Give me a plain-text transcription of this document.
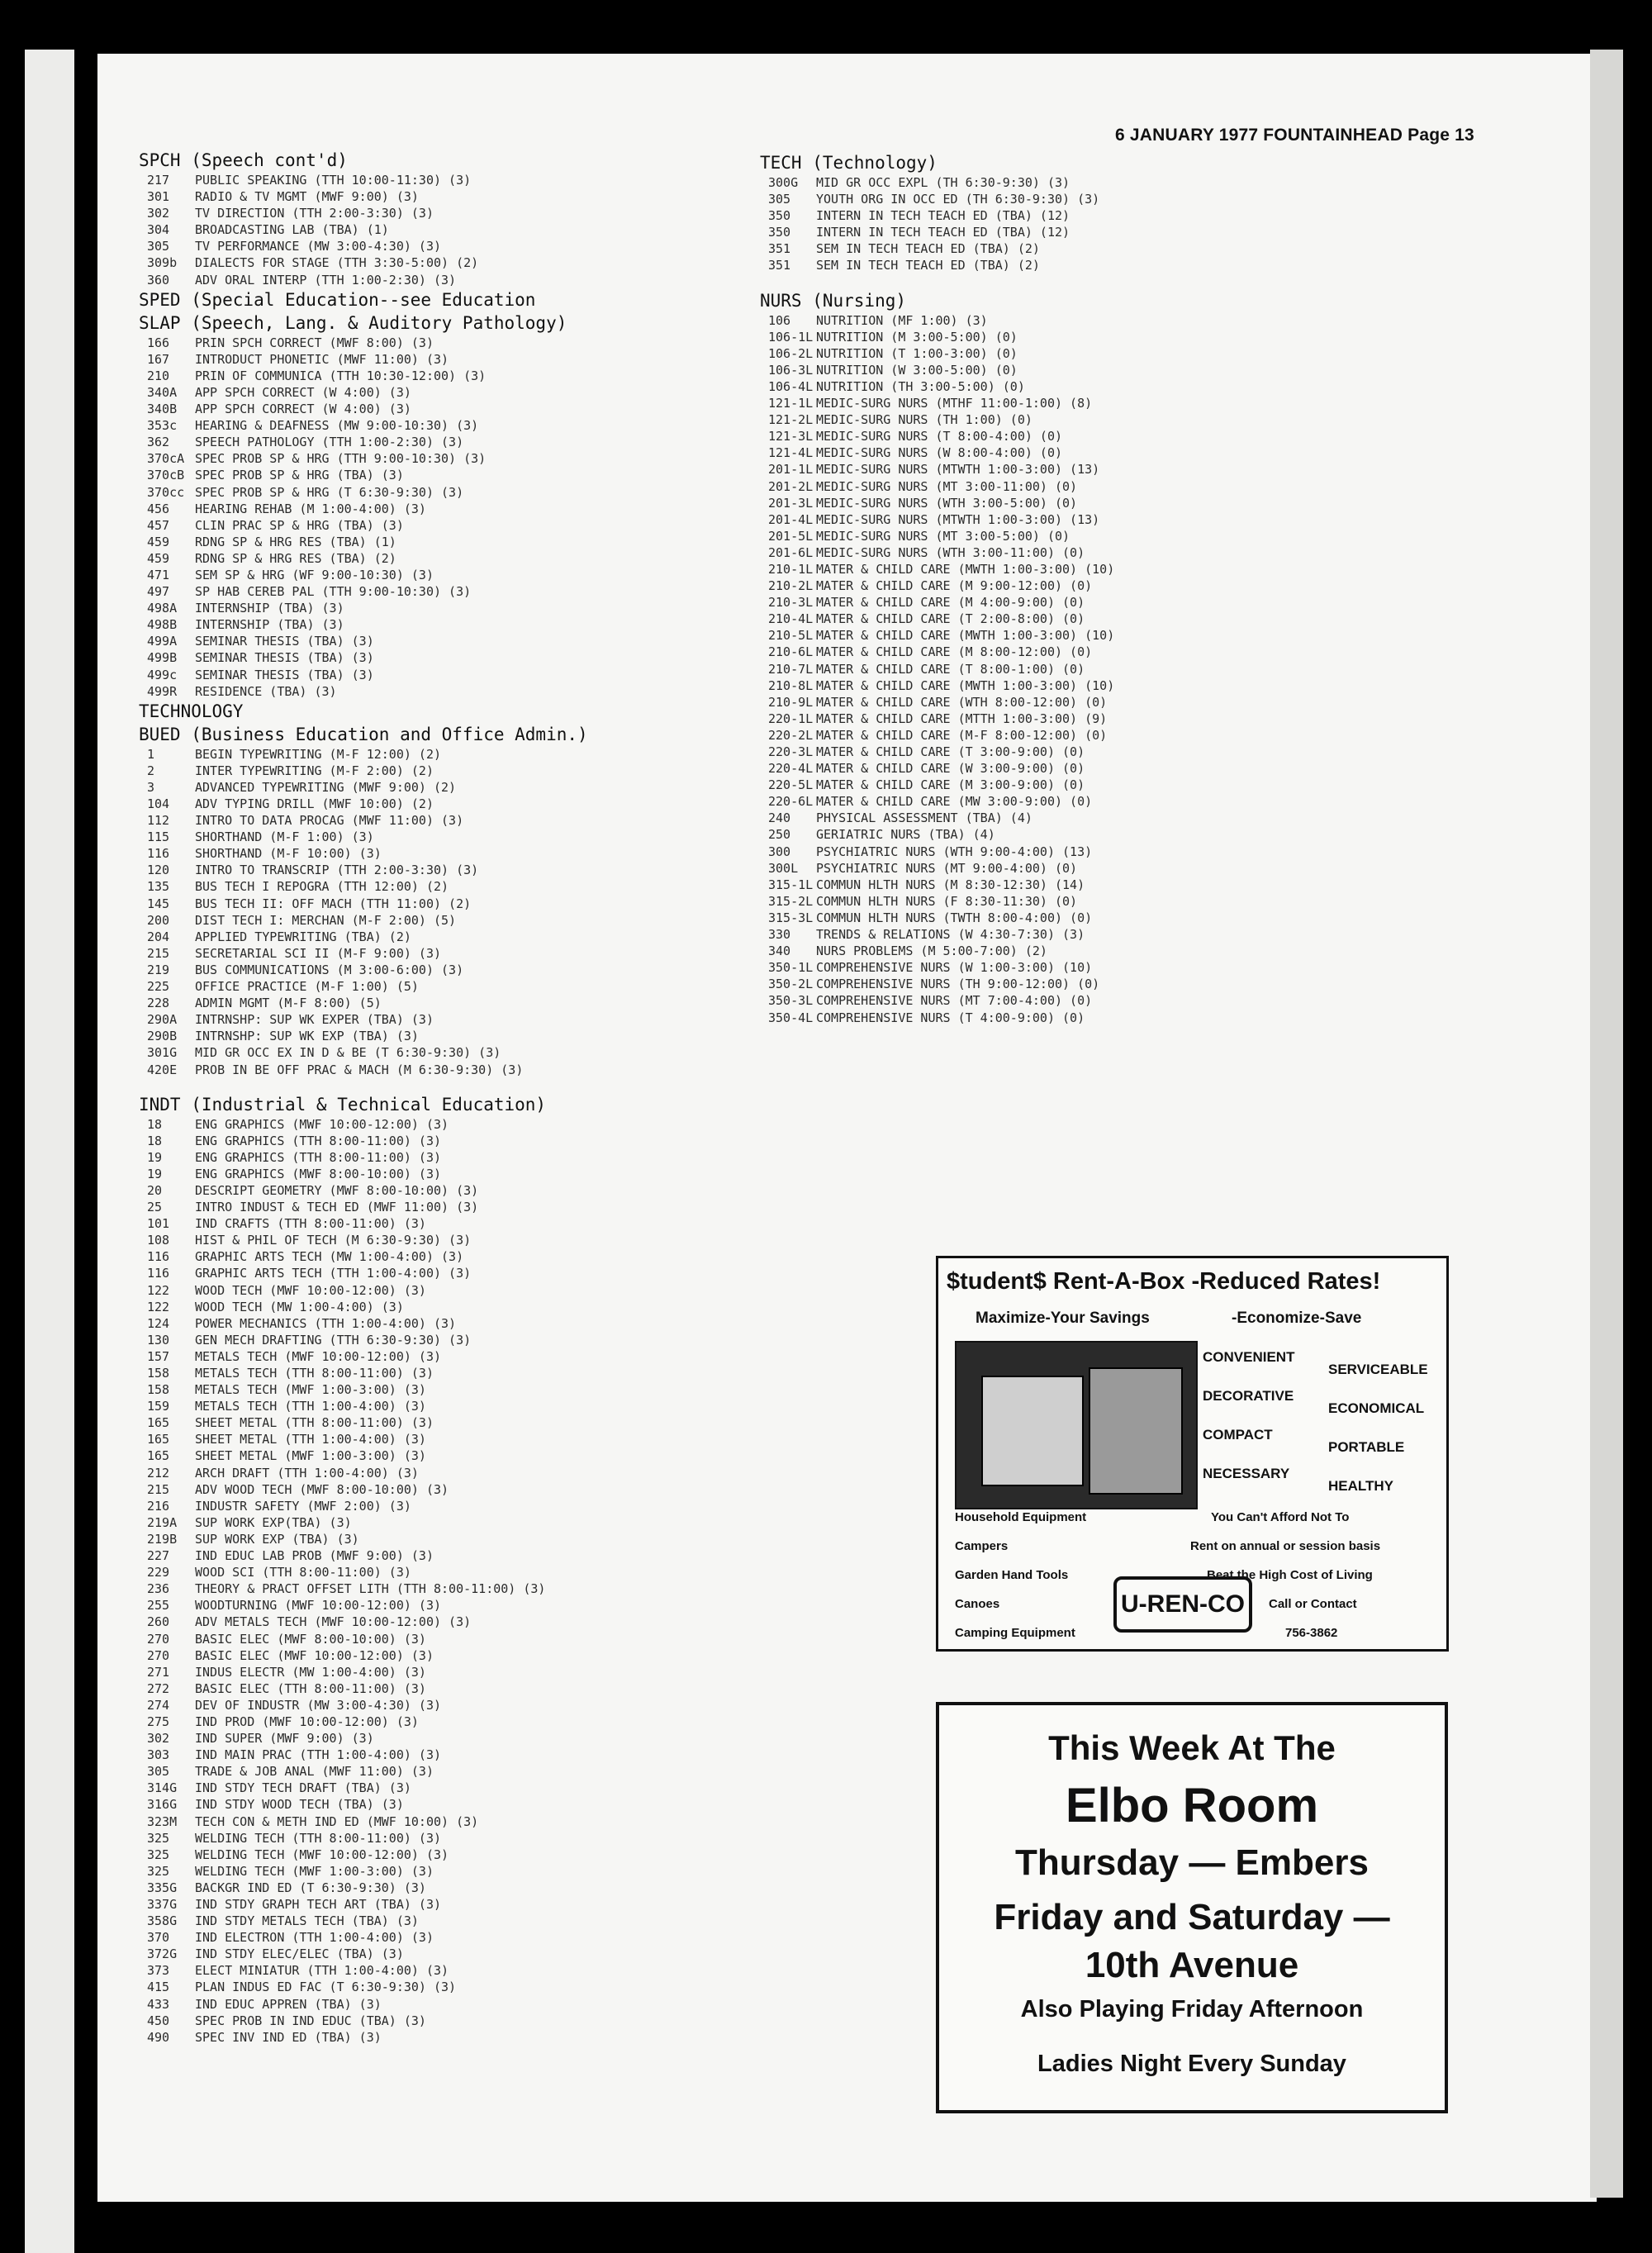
6 JANUARY 1977 FOUNTAINHEAD Page 13
SPCH (Speech cont'd)
217 PUBLIC SPEAKING (TTH 10:00-11:30) (3)
301 RADIO & TV MGMT (MWF 9:00) (3)
302 TV DIRECTION (TTH 2:00-3:30) (3)
304 BROADCASTING LAB (TBA) (1)
305 TV PERFORMANCE (MW 3:00-4:30) (3)
309b DIALECTS FOR STAGE (TTH 3:30-5:00) (2)
360 ADV ORAL INTERP (TTH 1:00-2:30) (3)
SPED (Special Education--see Education
SLAP (Speech, Lang. & Auditory Pathology)
166 PRIN SPCH CORRECT (MWF 8:00) (3)
167 INTRODUCT PHONETIC (MWF 11:00) (3)
210 PRIN OF COMMUNICA (TTH 10:30-12:00) (3)
340A APP SPCH CORRECT (W 4:00) (3)
340B APP SPCH CORRECT (W 4:00) (3)
353c HEARING & DEAFNESS (MW 9:00-10:30) (3)
362 SPEECH PATHOLOGY (TTH 1:00-2:30) (3)
370cA SPEC PROB SP & HRG (TTH 9:00-10:30) (3)
370cB SPEC PROB SP & HRG (TBA) (3)
370cc SPEC PROB SP & HRG (T 6:30-9:30) (3)
456 HEARING REHAB (M 1:00-4:00) (3)
457 CLIN PRAC SP & HRG (TBA) (3)
459 RDNG SP & HRG RES (TBA) (1)
459 RDNG SP & HRG RES (TBA) (2)
471 SEM SP & HRG (WF 9:00-10:30) (3)
497 SP HAB CEREB PAL (TTH 9:00-10:30) (3)
498A INTERNSHIP (TBA) (3)
498B INTERNSHIP (TBA) (3)
499A SEMINAR THESIS (TBA) (3)
499B SEMINAR THESIS (TBA) (3)
499c SEMINAR THESIS (TBA) (3)
499R RESIDENCE (TBA) (3)
TECHNOLOGY
BUED (Business Education and Office Admin.)
1	BEGIN TYPEWRITING (M-F 12:00) (2)
2	INTER TYPEWRITING (M-F 2:00) (2)
3	ADVANCED TYPEWRITING (MWF 9:00) (2)
104 ADV TYPING DRILL (MWF 10:00) (2)
112 INTRO TO DATA PROCAG (MWF 11:00) (3)
115 SHORTHAND (M-F 1:00) (3)
116 SHORTHAND (M-F 10:00) (3)
120 INTRO TO TRANSCRIP (TTH 2:00-3:30) (3)
135 BUS TECH I REPOGRA (TTH 12:00) (2)
145 BUS TECH II: OFF MACH (TTH 11:00) (2)
200 DIST TECH I: MERCHAN (M-F 2:00) (5)
204 APPLIED TYPEWRITING (TBA) (2)
215 SECRETARIAL SCI II (M-F 9:00) (3)
219 BUS COMMUNICATIONS (M 3:00-6:00) (3)
225 OFFICE PRACTICE (M-F 1:00) (5)
228 ADMIN MGMT (M-F 8:00) (5)
290A INTRNSHP: SUP WK EXPER (TBA) (3)
290B INTRNSHP: SUP WK EXP (TBA) (3)
301G MID GR OCC EX IN D & BE (T 6:30-9:30) (3)
420E PROB IN BE OFF PRAC & MACH (M 6:30-9:30) (3)
INDT (Industrial & Technical Education)
18	ENG GRAPHICS (MWF 10:00-12:00) (3)
18	ENG GRAPHICS (TTH 8:00-11:00) (3)
19	ENG GRAPHICS (TTH 8:00-11:00) (3)
19	ENG GRAPHICS (MWF 8:00-10:00) (3)
20	DESCRIPT GEOMETRY (MWF 8:00-10:00) (3)
25	INTRO INDUST & TECH ED (MWF 11:00) (3)
101 IND CRAFTS (TTH 8:00-11:00) (3)
108 HIST & PHIL OF TECH (M 6:30-9:30) (3)
116 GRAPHIC ARTS TECH (MW 1:00-4:00) (3)
116 GRAPHIC ARTS TECH (TTH 1:00-4:00) (3)
122 WOOD TECH (MWF 10:00-12:00) (3)
122 WOOD TECH (MW 1:00-4:00) (3)
124 POWER MECHANICS (TTH 1:00-4:00) (3)
130 GEN MECH DRAFTING (TTH 6:30-9:30) (3)
157 METALS TECH (MWF 10:00-12:00) (3)
158 METALS TECH (TTH 8:00-11:00) (3)
158 METALS TECH (MWF 1:00-3:00) (3)
159 METALS TECH (TTH 1:00-4:00) (3)
165 SHEET METAL (TTH 8:00-11:00) (3)
165 SHEET METAL (TTH 1:00-4:00) (3)
165 SHEET METAL (MWF 1:00-3:00) (3)
212 ARCH DRAFT (TTH 1:00-4:00) (3)
215 ADV WOOD TECH (MWF 8:00-10:00) (3)
216 INDUSTR SAFETY (MWF 2:00) (3)
219A SUP WORK EXP(TBA) (3)
219B SUP WORK EXP (TBA) (3)
227 IND EDUC LAB PROB (MWF 9:00) (3)
229 WOOD SCI (TTH 8:00-11:00) (3)
236 THEORY & PRACT OFFSET LITH (TTH 8:00-11:00) (3)
255 WOODTURNING (MWF 10:00-12:00) (3)
260 ADV METALS TECH (MWF 10:00-12:00) (3)
270 BASIC ELEC (MWF 8:00-10:00) (3)
270 BASIC ELEC (MWF 10:00-12:00) (3)
271 INDUS ELECTR (MW 1:00-4:00) (3)
272 BASIC ELEC (TTH 8:00-11:00) (3)
274 DEV OF INDUSTR (MW 3:00-4:30) (3)
275 IND PROD (MWF 10:00-12:00) (3)
302 IND SUPER (MWF 9:00) (3)
303 IND MAIN PRAC (TTH 1:00-4:00) (3)
305 TRADE & JOB ANAL (MWF 11:00) (3)
314G IND STDY TECH DRAFT (TBA) (3)
316G IND STDY WOOD TECH (TBA) (3)
323M TECH CON & METH IND ED (MWF 10:00) (3)
325 WELDING TECH (TTH 8:00-11:00) (3)
325 WELDING TECH (MWF 10:00-12:00) (3)
325 WELDING TECH (MWF 1:00-3:00) (3)
335G BACKGR IND ED (T 6:30-9:30) (3)
337G IND STDY GRAPH TECH ART (TBA) (3)
358G IND STDY METALS TECH (TBA) (3)
370 IND ELECTRON (TTH 1:00-4:00) (3)
372G IND STDY ELEC/ELEC (TBA) (3)
373 ELECT MINIATUR (TTH 1:00-4:00) (3)
415 PLAN INDUS ED FAC (T 6:30-9:30) (3)
433 IND EDUC APPREN (TBA) (3)
450 SPEC PROB IN IND EDUC (TBA) (3)
490 SPEC INV IND ED (TBA) (3)
TECH (Technology)
300G MID GR OCC EXPL (TH 6:30-9:30) (3)
305 YOUTH ORG IN OCC ED (TH 6:30-9:30) (3)
350 INTERN IN TECH TEACH ED (TBA) (12)
350 INTERN IN TECH TEACH ED (TBA) (12)
351 SEM IN TECH TEACH ED (TBA) (2)
351 SEM IN TECH TEACH ED (TBA) (2)
NURS (Nursing)
106 NUTRITION (MF 1:00) (3)
106-1L NUTRITION (M 3:00-5:00) (0)
106-2L NUTRITION (T 1:00-3:00) (0)
106-3L NUTRITION (W 3:00-5:00) (0)
106-4L NUTRITION (TH 3:00-5:00) (0)
121-1L MEDIC-SURG NURS (MTHF 11:00-1:00) (8)
121-2L MEDIC-SURG NURS (TH 1:00) (0)
121-3L MEDIC-SURG NURS (T 8:00-4:00) (0)
121-4L MEDIC-SURG NURS (W 8:00-4:00) (0)
201-1L MEDIC-SURG NURS (MTWTH 1:00-3:00) (13)
201-2L MEDIC-SURG NURS (MT 3:00-11:00) (0)
201-3L MEDIC-SURG NURS (WTH 3:00-5:00) (0)
201-4L MEDIC-SURG NURS (MTWTH 1:00-3:00) (13)
201-5L MEDIC-SURG NURS (MT 3:00-5:00) (0)
201-6L MEDIC-SURG NURS (WTH 3:00-11:00) (0)
210-1L MATER & CHILD CARE (MWTH 1:00-3:00) (10)
210-2L MATER & CHILD CARE (M 9:00-12:00) (0)
210-3L MATER & CHILD CARE (M 4:00-9:00) (0)
210-4L MATER & CHILD CARE (T 2:00-8:00) (0)
210-5L MATER & CHILD CARE (MWTH 1:00-3:00) (10)
210-6L MATER & CHILD CARE (M 8:00-12:00) (0)
210-7L MATER & CHILD CARE (T 8:00-1:00) (0)
210-8L MATER & CHILD CARE (MWTH 1:00-3:00) (10)
210-9L MATER & CHILD CARE (WTH 8:00-12:00) (0)
220-1L MATER & CHILD CARE (MTTH 1:00-3:00) (9)
220-2L MATER & CHILD CARE (M-F 8:00-12:00) (0)
220-3L MATER & CHILD CARE (T 3:00-9:00) (0)
220-4L MATER & CHILD CARE (W 3:00-9:00) (0)
220-5L MATER & CHILD CARE (M 3:00-9:00) (0)
220-6L MATER & CHILD CARE (MW 3:00-9:00) (0)
240 PHYSICAL ASSESSMENT (TBA) (4)
250 GERIATRIC NURS (TBA) (4)
300 PSYCHIATRIC NURS (WTH 9:00-4:00) (13)
300L PSYCHIATRIC NURS (MT 9:00-4:00) (0)
315-1L COMMUN HLTH NURS (M 8:30-12:30) (14)
315-2L COMMUN HLTH NURS (F 8:30-11:30) (0)
315-3L COMMUN HLTH NURS (TWTH 8:00-4:00) (0)
330 TRENDS & RELATIONS (W 4:30-7:30) (3)
340 NURS PROBLEMS (M 5:00-7:00) (2)
350-1L COMPREHENSIVE NURS (W 1:00-3:00) (10)
350-2L COMPREHENSIVE NURS (TH 9:00-12:00) (0)
350-3L COMPREHENSIVE NURS (MT 7:00-4:00) (0)
350-4L COMPREHENSIVE NURS (T 4:00-9:00) (0)
$tudent$ Rent-A-Box -Reduced Rates!
Maximize-Your Savings	-Economize-Save
CONVENIENT
DECORATIVE
COMPACT
NECESSARY
SERVICEABLE
ECONOMICAL
PORTABLE
HEALTHY
Household Equipment
Campers
Garden Hand Tools
Canoes
Camping Equipment
You Can't Afford Not To
Rent on annual or session basis
Beat the High Cost of Living
Call or Contact
756-3862
U-REN-CO
This Week At The
Elbo Room
Thursday — Embers
Friday and Saturday —
10th Avenue
Also Playing Friday Afternoon
Ladies Night Every Sunday
